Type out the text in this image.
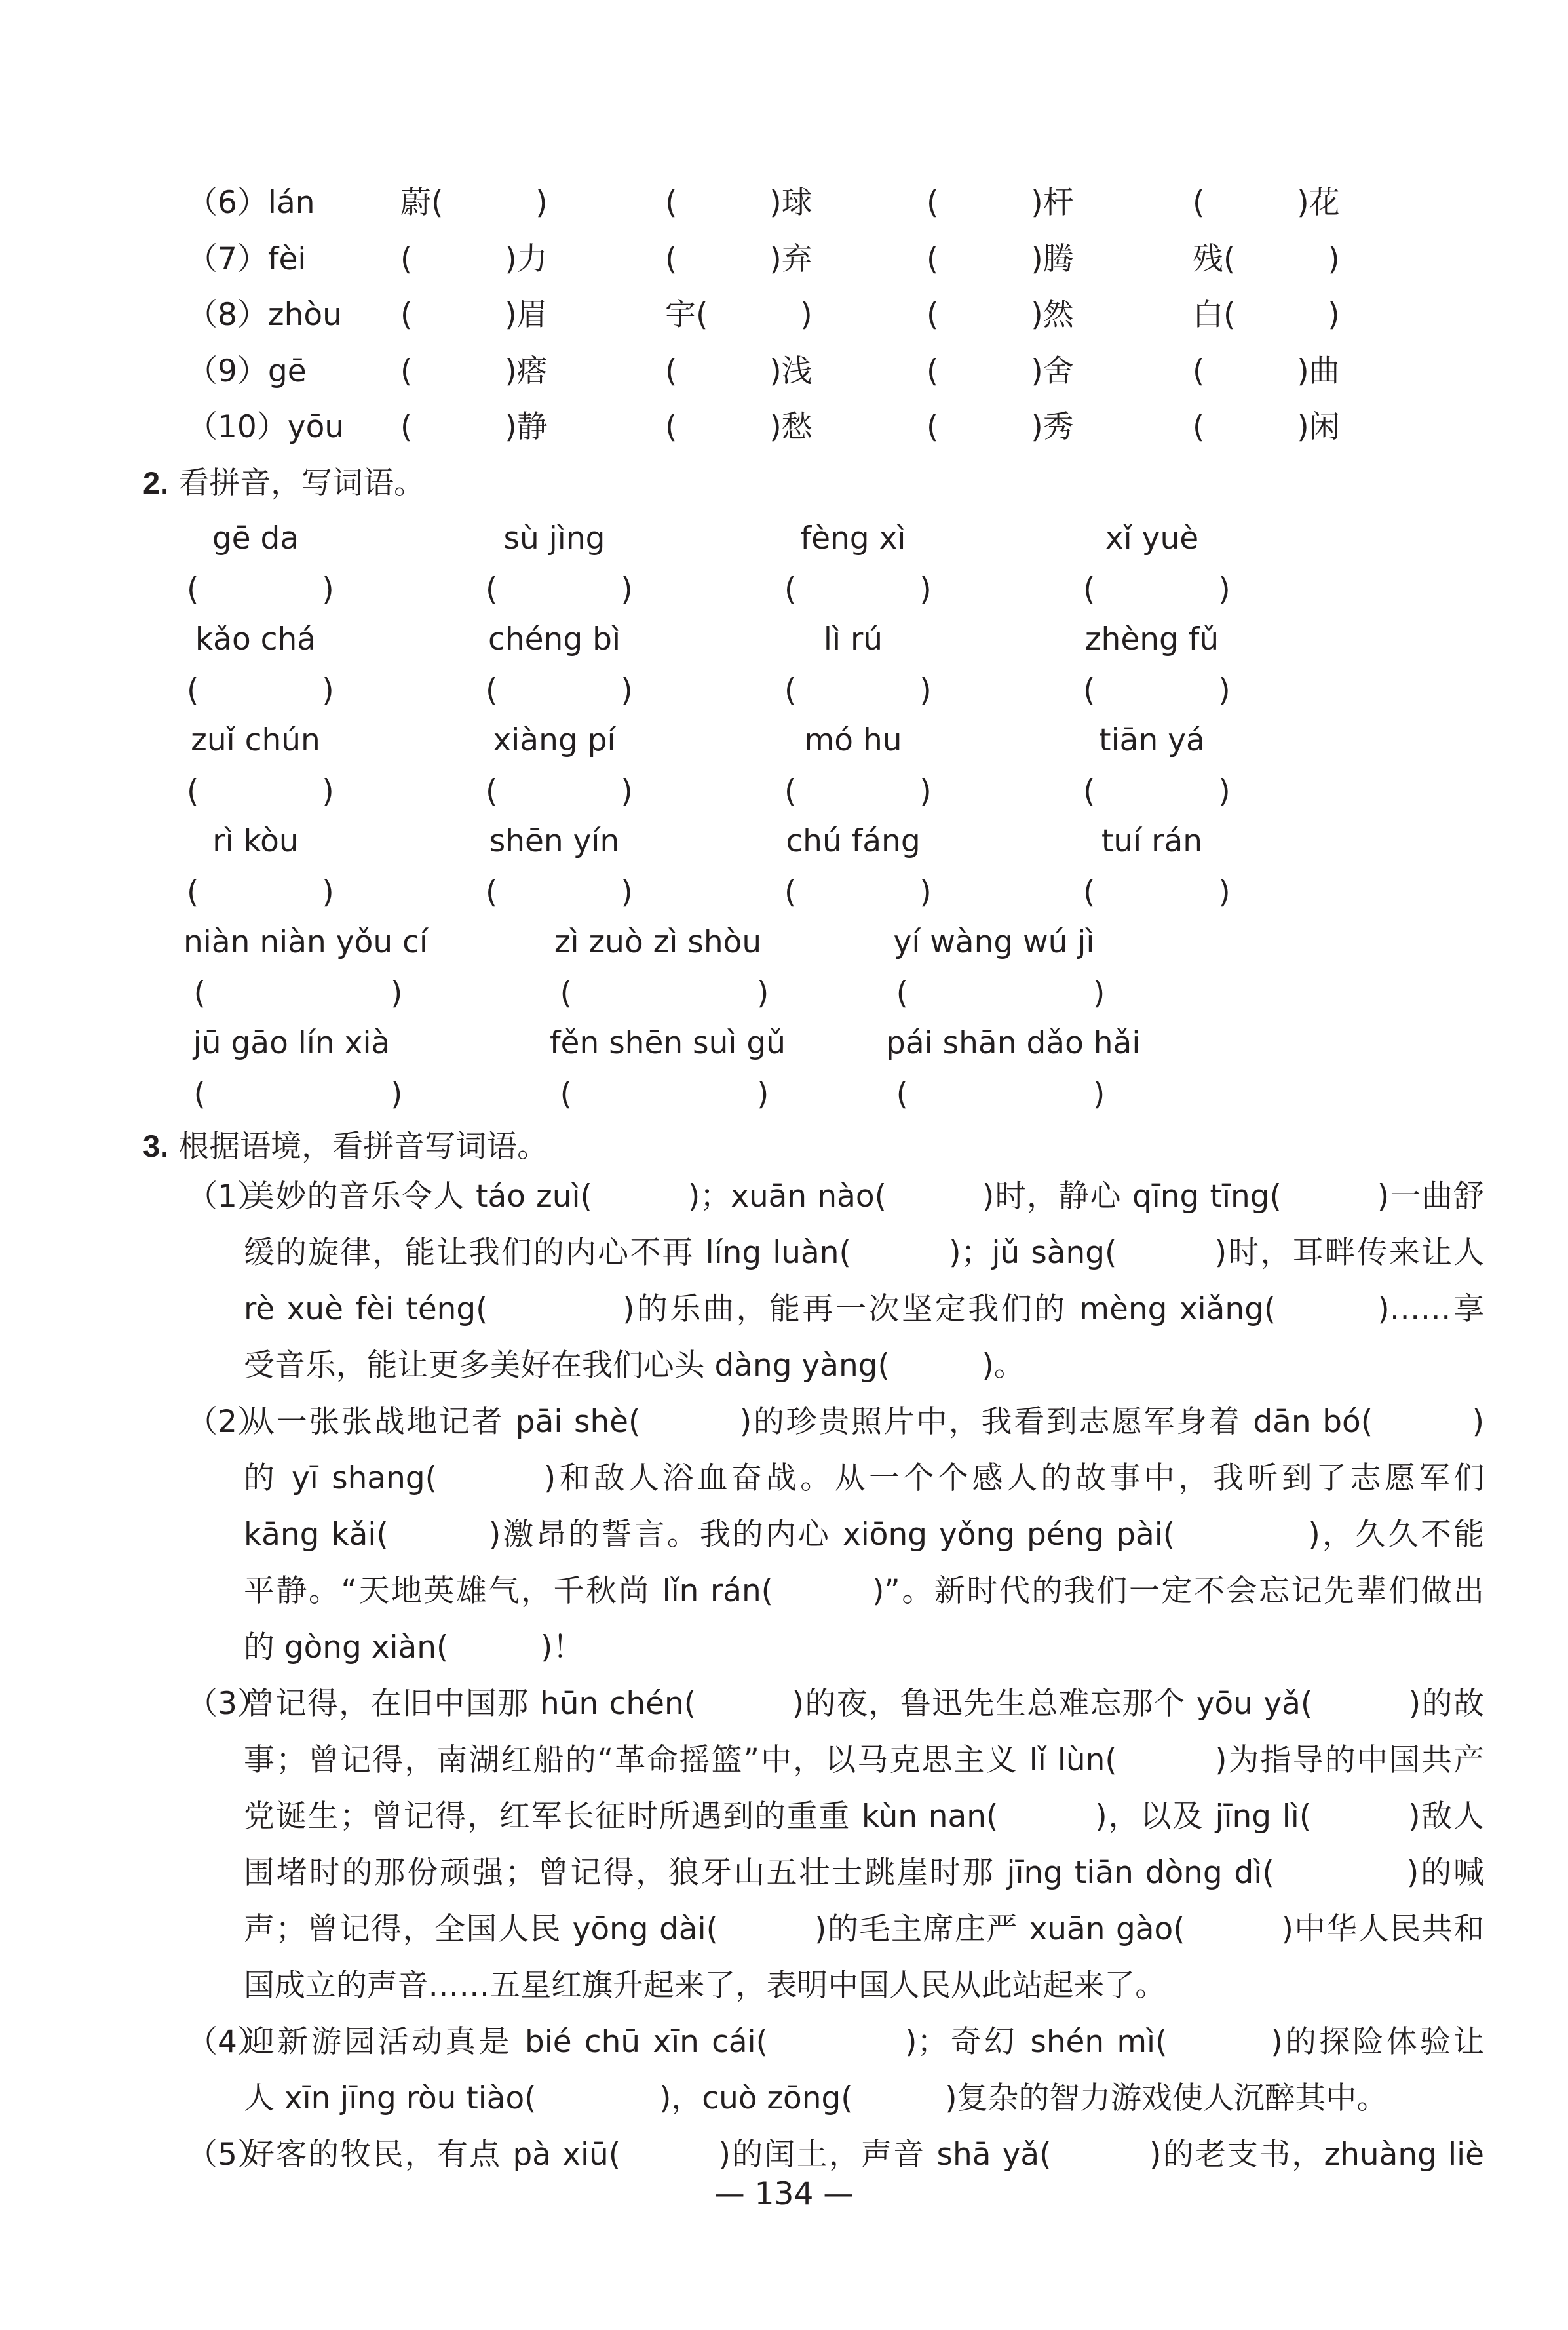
（6）lán	蔚(　　　)	(　　　)球	(　　　)杆	(　　　)花
（7）fèi	(　　　)力	(　　　)弃	(　　　)腾	残(　　　)
（8）zhòu (　　　)眉	宇(　　　)	(　　　)然	白(　　　)
（9）gē	(　　　)瘩	(　　　)浅	(　　　)舍	(　　　)曲
（10）yōu (　　　)静	(　　　)愁	(　　　)秀	(　　　)闲
2. 看拼音，写词语。
gē da	sù jìng	fèng xì	xǐ yuè
(　　　　)	(　　　　)	(　　　　)	(　　　　)
kǎo chá	chéng bì	lì rú	zhèng fǔ
(　　　　)	(　　　　)	(　　　　)	(　　　　)
zuǐ chún	xiàng pí	mó hu	tiān yá
(　　　　)	(　　　　)	(　　　　)	(　　　　)
rì kòu	shēn yín	chú fáng	tuí rán
(　　　　)	(　　　　)	(　　　　)	(　　　　)
niàn niàn yǒu cí	zì zuò zì shòu	yí wàng wú jì
(　　　　　　)	(　　　　　　)	(　　　　　　)
jū gāo lín xià	fěn shēn suì gǔ	pái shān dǎo hǎi
(　　　　　　)	(　　　　　　)	(　　　　　　)
3. 根据语境，看拼音写词语。
（1）
美妙的音乐令人 táo zuì(　　　)；xuān nào(　　　)时，静心 qīng tīng(　　　)一曲舒
缓的旋律，能让我们的内心不再 líng luàn(　　　)；jǔ sàng(　　　)时，耳畔传来让人
rè xuè fèi téng(　　　　)的乐曲，能再一次坚定我们的 mèng xiǎng(　　　)……享
受音乐，能让更多美好在我们心头 dàng yàng(　　　)。
（2）
从一张张战地记者 pāi shè(　　　)的珍贵照片中，我看到志愿军身着 dān bó(　　　)
的 yī shang(　　　)和敌人浴血奋战。从一个个感人的故事中，我听到了志愿军们
kāng kǎi(　　　)激昂的誓言。我的内心 xiōng yǒng péng pài(　　　　)，久久不能
平静。“天地英雄气，千秋尚 lǐn rán(　　　)”。新时代的我们一定不会忘记先辈们做出
的 gòng xiàn(　　　)！
（3）
曾记得，在旧中国那 hūn chén(　　　)的夜，鲁迅先生总难忘那个 yōu yǎ(　　　)的故
事；曾记得，南湖红船的“革命摇篮”中，以马克思主义 lǐ lùn(　　　)为指导的中国共产
党诞生；曾记得，红军长征时所遇到的重重 kùn nan(　　　)，以及 jīng lì(　　　)敌人
围堵时的那份顽强；曾记得，狼牙山五壮士跳崖时那 jīng tiān dòng dì(　　　　)的喊
声；曾记得，全国人民 yōng dài(　　　)的毛主席庄严 xuān gào(　　　)中华人民共和
国成立的声音……五星红旗升起来了，表明中国人民从此站起来了。
（4）
迎新游园活动真是 bié chū xīn cái(　　　　)；奇幻 shén mì(　　　)的探险体验让
人 xīn jīng ròu tiào(　　　　)，cuò zōng(　　　)复杂的智力游戏使人沉醉其中。
（5）
好客的牧民，有点 pà xiū(　　　)的闰土，声音 shā yǎ(　　　)的老支书，zhuàng liè
— 134 —
